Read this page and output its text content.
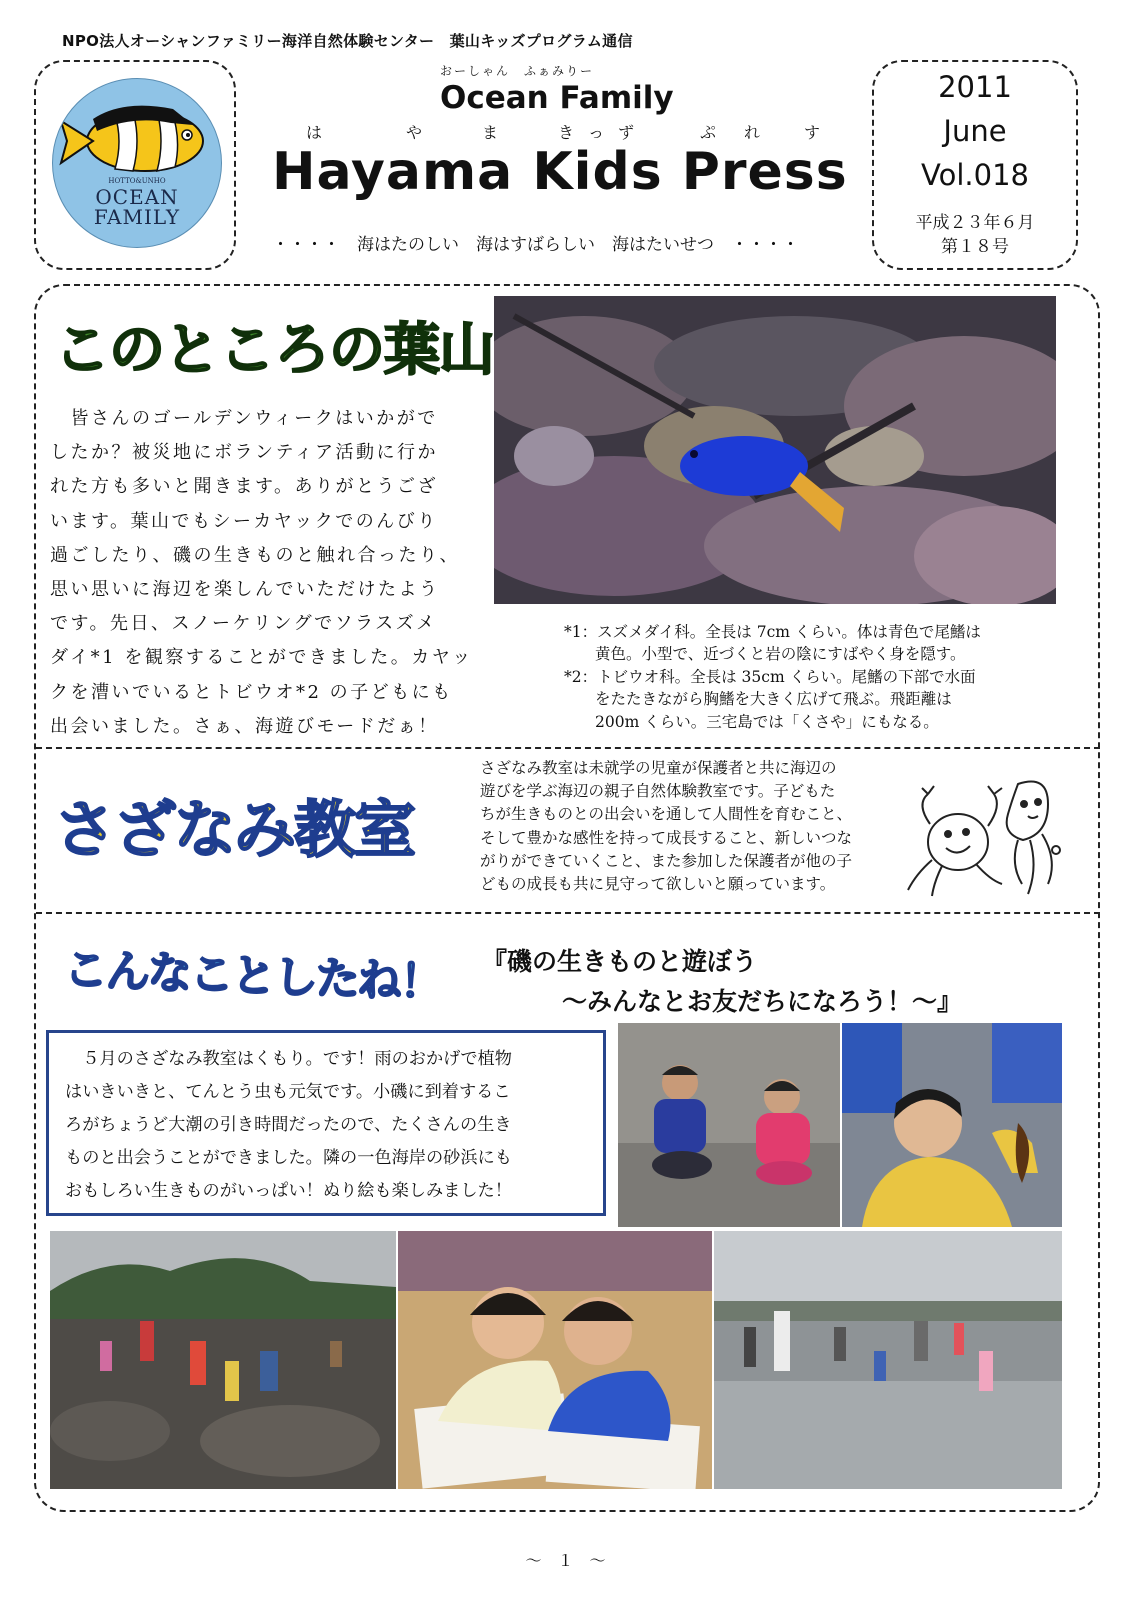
NPO法人オーシャンファミリー海洋自然体験センター　葉山キッズプログラム通信
HOTTO&UNHO
OCEAN
FAMILY
おーしゃん　ふぁみりー
Ocean Family
は	や	ま	き っ ず	ぷ れ	す
Hayama Kids Press
・・・・　海はたのしい　海はすばらしい　海はたいせつ　・・・・
2011
June
Vol.018
平成２３年６月
第１８号
このところの葉山
　皆さんのゴールデンウィークはいかがで
したか？被災地にボランティア活動に行か
れた方も多いと聞きます。ありがとうござ
います。葉山でもシーカヤックでのんびり
過ごしたり、磯の生きものと触れ合ったり、
思い思いに海辺を楽しんでいただけたよう
です。先日、スノーケリングでソラスズメ
ダイ*1 を観察することができました。カヤッ
クを漕いでいるとトビウオ*2 の子どもにも
出会いました。さぁ、海遊びモードだぁ！
*1：スズメダイ科。全長は 7cm くらい。体は青色で尾鰭は
　　黄色。小型で、近づくと岩の陰にすばやく身を隠す。
*2：トビウオ科。全長は 35cm くらい。尾鰭の下部で水面
　　をたたきながら胸鰭を大きく広げて飛ぶ。飛距離は
　　200m くらい。三宅島では「くさや」にもなる。
さざなみ教室
さざなみ教室は未就学の児童が保護者と共に海辺の
遊びを学ぶ海辺の親子自然体験教室です。子どもた
ちが生きものとの出会いを通して人間性を育むこと、
そして豊かな感性を持って成長すること、新しいつな
がりができていくこと、また参加した保護者が他の子
どもの成長も共に見守って欲しいと願っています。
こんなことしたね！ 『磯の生きものと遊ぼう
～みんなとお友だちになろう！～』
　５月のさざなみ教室はくもり。です！雨のおかげで植物
はいきいきと、てんとう虫も元気です。小磯に到着するこ
ろがちょうど大潮の引き時間だったので、たくさんの生き
ものと出会うことができました。隣の一色海岸の砂浜にも
おもしろい生きものがいっぱい！ぬり絵も楽しみました！
～　１　～
